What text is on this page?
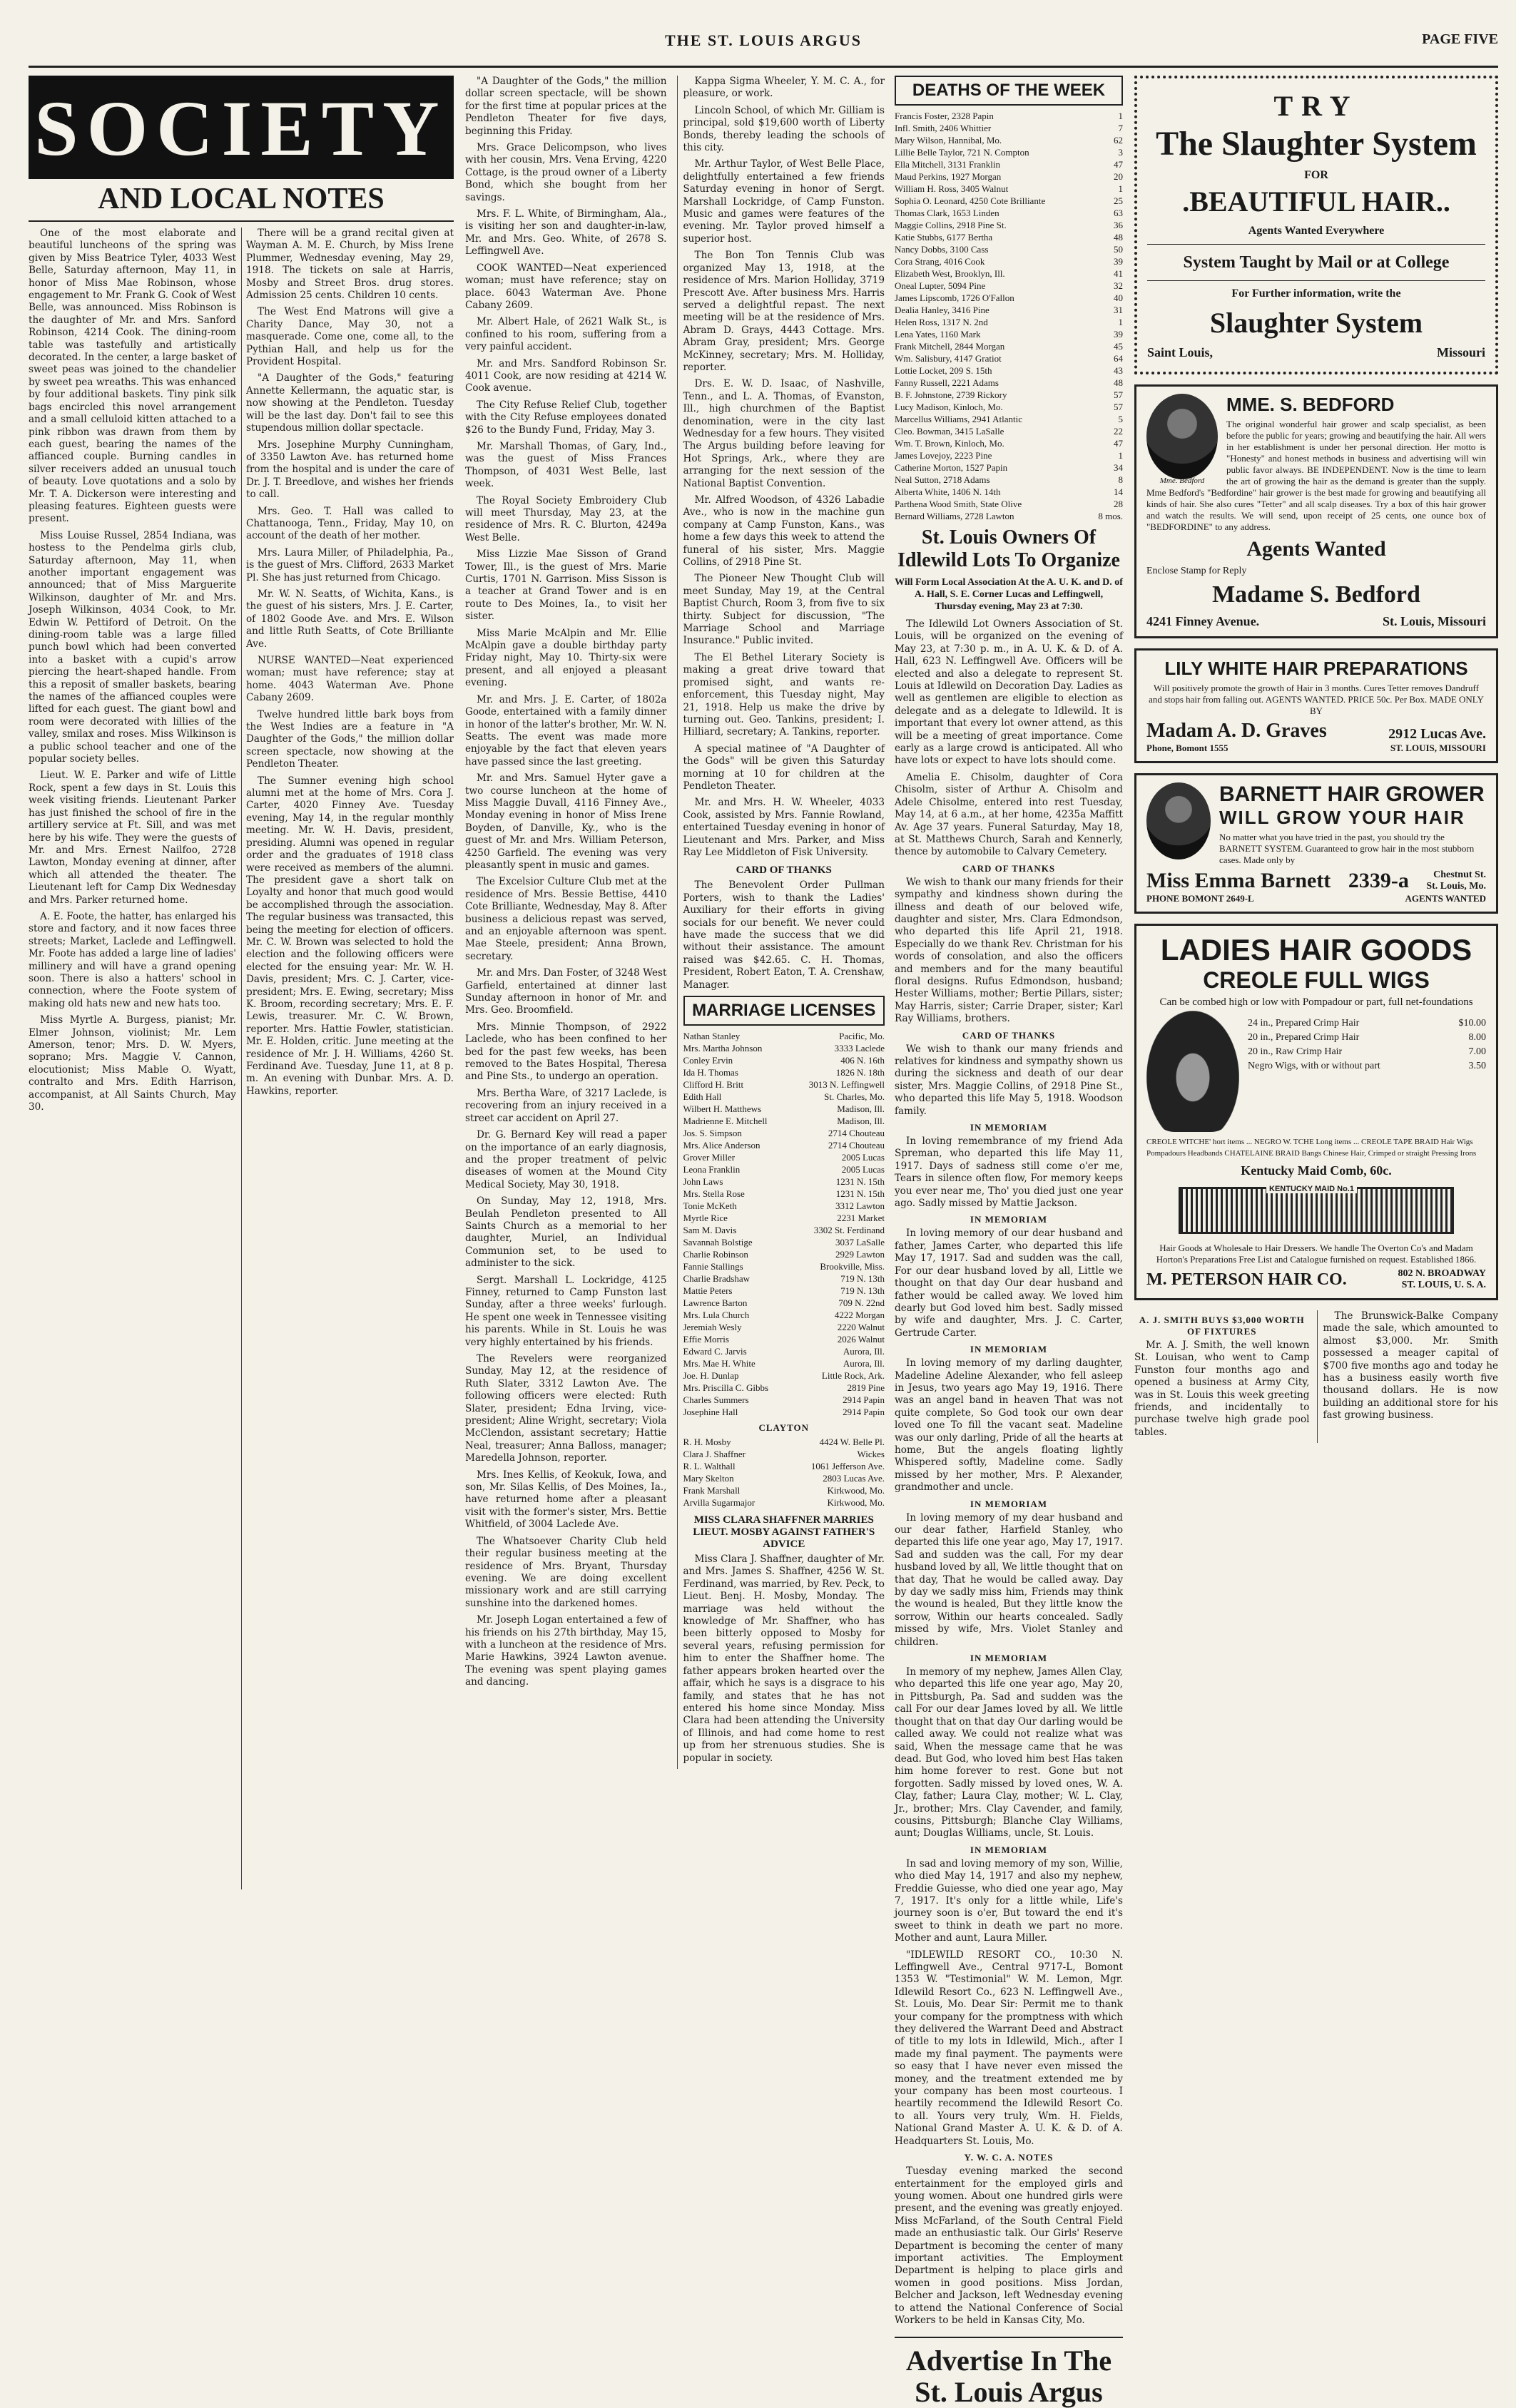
THE ST. LOUIS ARGUS	PAGE FIVE
SOCIETY
AND LOCAL NOTES

One of the most elaborate and beautiful luncheons of the spring was given by Miss Beatrice Tyler, 4033 West Belle, Saturday afternoon, May 11, in honor of Miss Mae Robinson, whose engagement to Mr. Frank G. Cook of West Belle, was announced. Miss Robinson is the daughter of Mr. and Mrs. Sanford Robinson, 4214 Cook. The dining-room table was tastefully and artistically decorated. In the center, a large basket of sweet peas was joined to the chandelier by sweet pea wreaths. This was enhanced by four additional baskets. Tiny pink silk bags encircled this novel arrangement and a small celluloid kitten attached to a pink ribbon was drawn from them by each guest, bearing the names of the affianced couple. Burning candles in silver receivers added an unusual touch of beauty. Love quotations and a solo by Mr. T. A. Dickerson were interesting and pleasing features. Eighteen guests were present.

Miss Louise Russel, 2854 Indiana, was hostess to the Pendelma girls club, Saturday afternoon, May 11, when another important engagement was announced; that of Miss Marguerite Wilkinson, daughter of Mr. and Mrs. Joseph Wilkinson, 4034 Cook, to Mr. Edwin W. Pettiford of Detroit. On the dining-room table was a large filled punch bowl which had been converted into a basket with a cupid's arrow piercing the heart-shaped handle. From this a reposit of smaller baskets, bearing the names of the affianced couples were lifted for each guest. The giant bowl and room were decorated with lillies of the valley, smilax and roses. Miss Wilkinson is a public school teacher and one of the popular society belles.

Lieut. W. E. Parker and wife of Little Rock, spent a few days in St. Louis this week visiting friends. Lieutenant Parker has just finished the school of fire in the artillery service at Ft. Sill, and was met here by his wife. They were the guests of Mr. and Mrs. Ernest Nailfoo, 2728 Lawton, Monday evening at dinner, after which all attended the theater. The Lieutenant left for Camp Dix Wednesday and Mrs. Parker returned home.

A. E. Foote, the hatter, has enlarged his store and factory, and it now faces three streets; Market, Laclede and Leffingwell. Mr. Foote has added a large line of ladies' millinery and will have a grand opening soon. There is also a hatters' school in connection, where the Foote system of making old hats new and new hats too.

Miss Myrtle A. Burgess, pianist; Mr. Elmer Johnson, violinist; Mr. Lem Amerson, tenor; Mrs. D. W. Myers, soprano; Mrs. Maggie V. Cannon, elocutionist; Miss Mable O. Wyatt, contralto and Mrs. Edith Harrison, accompanist, at All Saints Church, May 30.

There will be a grand recital given at Wayman A. M. E. Church, by Miss Irene Plummer, Wednesday evening, May 29, 1918. The tickets on sale at Harris, Mosby and Street Bros. drug stores. Admission 25 cents. Children 10 cents.

The West End Matrons will give a Charity Dance, May 30, not a masquerade. Come one, come all, to the Pythian Hall, and help us for the Provident Hospital.

"A Daughter of the Gods," featuring Annette Kellermann, the aquatic star, is now showing at the Pendleton. Tuesday will be the last day. Don't fail to see this stupendous million dollar spectacle.

Mrs. Josephine Murphy Cunningham, of 3350 Lawton Ave. has returned home from the hospital and is under the care of Dr. J. T. Breedlove, and wishes her friends to call.

Mrs. Geo. T. Hall was called to Chattanooga, Tenn., Friday, May 10, on account of the death of her mother.

Mrs. Laura Miller, of Philadelphia, Pa., is the guest of Mrs. Clifford, 2633 Market Pl. She has just returned from Chicago.

Mr. W. N. Seatts, of Wichita, Kans., is the guest of his sisters, Mrs. J. E. Carter, of 1802 Goode Ave. and Mrs. E. Wilson and little Ruth Seatts, of Cote Brilliante Ave.

NURSE WANTED—Neat experienced woman; must have reference; stay at home. 4043 Waterman Ave. Phone Cabany 2609.

Twelve hundred little bark boys from the West Indies are a feature in "A Daughter of the Gods," the million dollar screen spectacle, now showing at the Pendleton Theater.

The Sumner evening high school alumni met at the home of Mrs. Cora J. Carter, 4020 Finney Ave. Tuesday evening, May 14, in the regular monthly meeting. Mr. W. H. Davis, president, presiding. Alumni was opened in regular order and the graduates of 1918 class were received as members of the alumni. The president gave a short talk on Loyalty and honor that much good would be accomplished through the association. The regular business was transacted, this being the meeting for election of officers. Mr. C. W. Brown was selected to hold the election and the following officers were elected for the ensuing year: Mr. W. H. Davis, president; Mrs. C. J. Carter, vice-president; Mrs. E. Ewing, secretary; Miss K. Broom, recording secretary; Mrs. E. F. Lewis, treasurer. Mr. C. W. Brown, reporter. Mrs. Hattie Fowler, statistician. Mr. E. Holden, critic. June meeting at the residence of Mr. J. H. Williams, 4260 St. Ferdinand Ave. Tuesday, June 11, at 8 p. m. An evening with Dunbar. Mrs. A. D. Hawkins, reporter.

"A Daughter of the Gods," the million dollar screen spectacle, will be shown for the first time at popular prices at the Pendleton Theater for five days, beginning this Friday.

Mrs. Grace Delicompson, who lives with her cousin, Mrs. Vena Erving, 4220 Cottage, is the proud owner of a Liberty Bond, which she bought from her savings.

Mrs. F. L. White, of Birmingham, Ala., is visiting her son and daughter-in-law, Mr. and Mrs. Geo. White, of 2678 S. Leffingwell Ave.

COOK WANTED—Neat experienced woman; must have reference; stay on place. 6043 Waterman Ave. Phone Cabany 2609.

Mr. Albert Hale, of 2621 Walk St., is confined to his room, suffering from a very painful accident.

Mr. and Mrs. Sandford Robinson Sr. 4011 Cook, are now residing at 4214 W. Cook avenue.

The City Refuse Relief Club, together with the City Refuse employees donated $26 to the Bundy Fund, Friday, May 3.

Mr. Marshall Thomas, of Gary, Ind., was the guest of Miss Frances Thompson, of 4031 West Belle, last week.

The Royal Society Embroidery Club will meet Thursday, May 23, at the residence of Mrs. R. C. Blurton, 4249a West Belle.

Miss Lizzie Mae Sisson of Grand Tower, Ill., is the guest of Mrs. Marie Curtis, 1701 N. Garrison. Miss Sisson is a teacher at Grand Tower and is en route to Des Moines, Ia., to visit her sister.

Miss Marie McAlpin and Mr. Ellie McAlpin gave a double birthday party Friday night, May 10. Thirty-six were present, and all enjoyed a pleasant evening.

Mr. and Mrs. J. E. Carter, of 1802a Goode, entertained with a family dinner in honor of the latter's brother, Mr. W. N. Seatts. The event was made more enjoyable by the fact that eleven years have passed since the last greeting.

Mr. and Mrs. Samuel Hyter gave a two course luncheon at the home of Miss Maggie Duvall, 4116 Finney Ave., Monday evening in honor of Miss Irene Boyden, of Danville, Ky., who is the guest of Mr. and Mrs. William Peterson, 4250 Garfield. The evening was very pleasantly spent in music and games.

The Excelsior Culture Club met at the residence of Mrs. Bessie Bettise, 4410 Cote Brilliante, Wednesday, May 8. After business a delicious repast was served, and an enjoyable afternoon was spent. Mae Steele, president; Anna Brown, secretary.

Mr. and Mrs. Dan Foster, of 3248 West Garfield, entertained at dinner last Sunday afternoon in honor of Mr. and Mrs. Geo. Broomfield.

Mrs. Minnie Thompson, of 2922 Laclede, who has been confined to her bed for the past few weeks, has been removed to the Bates Hospital, Theresa and Pine Sts., to undergo an operation.

Mrs. Bertha Ware, of 3217 Laclede, is recovering from an injury received in a street car accident on April 27.

Dr. G. Bernard Key will read a paper on the importance of an early diagnosis, and the proper treatment of pelvic diseases of women at the Mound City Medical Society, May 30, 1918.

On Sunday, May 12, 1918, Mrs. Beulah Pendleton presented to All Saints Church as a memorial to her daughter, Muriel, an Individual Communion set, to be used to administer to the sick.

Sergt. Marshall L. Lockridge, 4125 Finney, returned to Camp Funston last Sunday, after a three weeks' furlough. He spent one week in Tennessee visiting his parents. While in St. Louis he was very highly entertained by his friends.

The Revelers were reorganized Sunday, May 12, at the residence of Ruth Slater, 3312 Lawton Ave. The following officers were elected: Ruth Slater, president; Edna Irving, vice-president; Aline Wright, secretary; Viola McClendon, assistant secretary; Hattie Neal, treasurer; Anna Balloss, manager; Maredella Johnson, reporter.

Mrs. Ines Kellis, of Keokuk, Iowa, and son, Mr. Silas Kellis, of Des Moines, Ia., have returned home after a pleasant visit with the former's sister, Mrs. Bettie Whitfield, of 3004 Laclede Ave.

The Whatsoever Charity Club held their regular business meeting at the residence of Mrs. Bryant, Thursday evening. We are doing excellent missionary work and are still carrying sunshine into the darkened homes.

Mr. Joseph Logan entertained a few of his friends on his 27th birthday, May 15, with a luncheon at the residence of Mrs. Marie Hawkins, 3924 Lawton avenue. The evening was spent playing games and dancing.

Kappa Sigma Wheeler, Y. M. C. A., for pleasure, or work.

Lincoln School, of which Mr. Gilliam is principal, sold $19,600 worth of Liberty Bonds, thereby leading the schools of this city.

Mr. Arthur Taylor, of West Belle Place, delightfully entertained a few friends Saturday evening in honor of Sergt. Marshall Lockridge, of Camp Funston. Music and games were features of the evening. Mr. Taylor proved himself a superior host.

The Bon Ton Tennis Club was organized May 13, 1918, at the residence of Mrs. Marion Holliday, 3719 Prescott Ave. After business Mrs. Harris served a delightful repast. The next meeting will be at the residence of Mrs. Abram D. Grays, 4443 Cottage. Mrs. Abram Gray, president; Mrs. George McKinney, secretary; Mrs. M. Holliday, reporter.

Drs. E. W. D. Isaac, of Nashville, Tenn., and L. A. Thomas, of Evanston, Ill., high churchmen of the Baptist denomination, were in the city last Wednesday for a few hours. They visited The Argus building before leaving for Hot Springs, Ark., where they are arranging for the next session of the National Baptist Convention.

Mr. Alfred Woodson, of 4326 Labadie Ave., who is now in the machine gun company at Camp Funston, Kans., was home a few days this week to attend the funeral of his sister, Mrs. Maggie Collins, of 2918 Pine St.

The Pioneer New Thought Club will meet Sunday, May 19, at the Central Baptist Church, Room 3, from five to six thirty. Subject for discussion, "The Marriage School and Marriage Insurance." Public invited.

The El Bethel Literary Society is making a great drive toward that promised sight, and wants re-enforcement, this Tuesday night, May 21, 1918. Help us make the drive by turning out. Geo. Tankins, president; I. Hilliard, secretary; A. Tankins, reporter.

A special matinee of "A Daughter of the Gods" will be given this Saturday morning at 10 for children at the Pendleton Theater.

Mr. and Mrs. H. W. Wheeler, 4033 Cook, assisted by Mrs. Fannie Rowland, entertained Tuesday evening in honor of Lieutenant and Mrs. Parker, and Miss Ray Lee Middleton of Fisk University.

CARD OF THANKS

The Benevolent Order Pullman Porters, wish to thank the Ladies' Auxiliary for their efforts in giving socials for our benefit. We never could have made the success that we did without their assistance. The amount raised was $42.65. C. H. Thomas, President, Robert Eaton, T. A. Crenshaw, Manager.

MARRIAGE LICENSES
Nathan Stanley	Pacific, Mo.
Mrs. Martha Johnson	3333 Laclede
Conley Ervin	406 N. 16th
Ida H. Thomas	1826 N. 18th
Clifford H. Britt	3013 N. Leffingwell
Edith Hall	St. Charles, Mo.
Wilbert H. Matthews	Madison, Ill.
Madrienne E. Mitchell	Madison, Ill.
Jos. S. Simpson	2714 Chouteau
Mrs. Alice Anderson	2714 Chouteau
Grover Miller	2005 Lucas
Leona Franklin	2005 Lucas
John Laws	1231 N. 15th
Mrs. Stella Rose	1231 N. 15th
Tonie McKeth	3312 Lawton
Myrtle Rice	2231 Market
Sam M. Davis	3302 St. Ferdinand
Savannah Bolstige	3037 LaSalle
Charlie Robinson	2929 Lawton
Fannie Stallings	Brookville, Miss.
Charlie Bradshaw	719 N. 13th
Mattie Peters	719 N. 13th
Lawrence Barton	709 N. 22nd
Mrs. Lula Church	4222 Morgan
Jeremiah Wesly	2220 Walnut
Effie Morris	2026 Walnut
Edward C. Jarvis	Aurora, Ill.
Mrs. Mae H. White	Aurora, Ill.
Joe. H. Dunlap	Little Rock, Ark.
Mrs. Priscilla C. Gibbs	2819 Pine
Charles Summers	2914 Papin
Josephine Hall	2914 Papin
CLAYTON
R. H. Mosby	4424 W. Belle Pl.
Clara J. Shaffner	Wickes
R. L. Walthall	1061 Jefferson Ave.
Mary Skelton	2803 Lucas Ave.
Frank Marshall	Kirkwood, Mo.
Arvilla Sugarmajor	Kirkwood, Mo.
MISS CLARA SHAFFNER MARRIES LIEUT. MOSBY AGAINST FATHER'S ADVICE

Miss Clara J. Shaffner, daughter of Mr. and Mrs. James S. Shaffner, 4256 W. St. Ferdinand, was married, by Rev. Peck, to Lieut. Benj. H. Mosby, Monday. The marriage was held without the knowledge of Mr. Shaffner, who has been bitterly opposed to Mosby for several years, refusing permission for him to enter the Shaffner home. The father appears broken hearted over the affair, which he says is a disgrace to his family, and states that he has not entered his home since Monday. Miss Clara had been attending the University of Illinois, and had come home to rest up from her strenuous studies. She is popular in society.

DEATHS OF THE WEEK
Francis Foster, 2328 Papin	1
Infl. Smith, 2406 Whittier	7
Mary Wilson, Hannibal, Mo.	62
Lillie Belle Taylor, 721 N. Compton	3
Ella Mitchell, 3131 Franklin	47
Maud Perkins, 1927 Morgan	20
William H. Ross, 3405 Walnut	1
Sophia O. Leonard, 4250 Cote Brilliante	25
Thomas Clark, 1653 Linden	63
Maggie Collins, 2918 Pine St.	36
Katie Stubbs, 6177 Bertha	48
Nancy Dobbs, 3100 Cass	50
Cora Strang, 4016 Cook	39
Elizabeth West, Brooklyn, Ill.	41
Oneal Lupter, 5094 Pine	32
James Lipscomb, 1726 O'Fallon	40
Dealia Hanley, 3416 Pine	31
Helen Ross, 1317 N. 2nd	1
Lena Yates, 1160 Mark	39
Frank Mitchell, 2844 Morgan	45
Wm. Salisbury, 4147 Gratiot	64
Lottie Locket, 209 S. 15th	43
Fanny Russell, 2221 Adams	48
B. F. Johnstone, 2739 Rickory	57
Lucy Madison, Kinloch, Mo.	57
Marcellus Williams, 2941 Atlantic	5
Cleo. Bowman, 3415 LaSalle	22
Wm. T. Brown, Kinloch, Mo.	47
James Lovejoy, 2223 Pine	1
Catherine Morton, 1527 Papin	34
Neal Sutton, 2718 Adams	8
Alberta White, 1406 N. 14th	14
Parthena Wood Smith, State Olive	28
Bernard Williams, 2728 Lawton	8 mos.
St. Louis Owners Of Idlewild Lots To Organize
Will Form Local Association At the A. U. K. and D. of A. Hall, S. E. Corner Lucas and Leffingwell, Thursday evening, May 23 at 7:30.

The Idlewild Lot Owners Association of St. Louis, will be organized on the evening of May 23, at 7:30 p. m., in A. U. K. & D. of A. Hall, 623 N. Leffingwell Ave. Officers will be elected and also a delegate to represent St. Louis at Idlewild on Decoration Day. Ladies as well as gentlemen are eligible to election as delegate and as a delegate to Idlewild. It is important that every lot owner attend, as this will be a meeting of great importance. Come early as a large crowd is anticipated. All who have lots or expect to have lots should come.

Amelia E. Chisolm, daughter of Cora Chisolm, sister of Arthur A. Chisolm and Adele Chisolme, entered into rest Tuesday, May 14, at 6 a.m., at her home, 4235a Maffitt Av. Age 37 years. Funeral Saturday, May 18, at St. Matthews Church, Sarah and Kennerly, thence by automobile to Calvary Cemetery.

CARD OF THANKS

We wish to thank our many friends for their sympathy and kindness shown during the illness and death of our beloved wife, daughter and sister, Mrs. Clara Edmondson, who departed this life April 21, 1918. Especially do we thank Rev. Christman for his words of consolation, and also the officers and members and for the many beautiful floral designs. Rufus Edmondson, husband; Hester Williams, mother; Bertie Pillars, sister; May Harris, sister; Carrie Draper, sister; Karl Ray Williams, brothers.

CARD OF THANKS

We wish to thank our many friends and relatives for kindness and sympathy shown us during the sickness and death of our dear sister, Mrs. Maggie Collins, of 2918 Pine St., who departed this life May 5, 1918. Woodson family.

IN MEMORIAM

In loving remembrance of my friend Ada Spreman, who departed this life May 11, 1917. Days of sadness still come o'er me, Tears in silence often flow, For memory keeps you ever near me, Tho' you died just one year ago. Sadly missed by Mattie Jackson.

IN MEMORIAM

In loving memory of our dear husband and father, James Carter, who departed this life May 17, 1917. Sad and sudden was the call, For our dear husband loved by all, Little we thought on that day Our dear husband and father would be called away. We loved him dearly but God loved him best. Sadly missed by wife and daughter, Mrs. J. C. Carter, Gertrude Carter.

IN MEMORIAM

In loving memory of my darling daughter, Madeline Adeline Alexander, who fell asleep in Jesus, two years ago May 19, 1916. There was an angel band in heaven That was not quite complete, So God took our own dear loved one To fill the vacant seat. Madeline was our only darling, Pride of all the hearts at home, But the angels floating lightly Whispered softly, Madeline come. Sadly missed by her mother, Mrs. P. Alexander, grandmother and uncle.

IN MEMORIAM

In loving memory of my dear husband and our dear father, Harfield Stanley, who departed this life one year ago, May 17, 1917. Sad and sudden was the call, For my dear husband loved by all, We little thought that on that day, That he would be called away. Day by day we sadly miss him, Friends may think the wound is healed, But they little know the sorrow, Within our hearts concealed. Sadly missed by wife, Mrs. Violet Stanley and children.

IN MEMORIAM

In memory of my nephew, James Allen Clay, who departed this life one year ago, May 20, in Pittsburgh, Pa. Sad and sudden was the call For our dear James loved by all. We little thought that on that day Our darling would be called away. We could not realize what was said, When the message came that he was dead. But God, who loved him best Has taken him home forever to rest. Gone but not forgotten. Sadly missed by loved ones, W. A. Clay, father; Laura Clay, mother; W. L. Clay, Jr., brother; Mrs. Clay Cavender, and family, cousins, Pittsburgh; Blanche Clay Williams, aunt; Douglas Williams, uncle, St. Louis.

IN MEMORIAM

In sad and loving memory of my son, Willie, who died May 14, 1917 and also my nephew, Freddie Guiesse, who died one year ago, May 7, 1917. It's only for a little while, Life's journey soon is o'er, But toward the end it's sweet to think in death we part no more. Mother and aunt, Laura Miller.

"IDLEWILD RESORT CO., 10:30 N. Leffingwell Ave., Central 9717-L, Bomont 1353 W. "Testimonial" W. M. Lemon, Mgr. Idlewild Resort Co., 623 N. Leffingwell Ave., St. Louis, Mo. Dear Sir: Permit me to thank your company for the promptness with which they delivered the Warrant Deed and Abstract of title to my lots in Idlewild, Mich., after I made my final payment. The payments were so easy that I have never even missed the money, and the treatment extended me by your company has been most courteous. I heartily recommend the Idlewild Resort Co. to all. Yours very truly, Wm. H. Fields, National Grand Master A. U. K. & D. of A. Headquarters St. Louis, Mo.

Y. W. C. A. NOTES

Tuesday evening marked the second entertainment for the employed girls and young women. About one hundred girls were present, and the evening was greatly enjoyed. Miss McFarland, of the South Central Field made an enthusiastic talk. Our Girls' Reserve Department is becoming the center of many important activities. The Employment Department is helping to place girls and women in good positions. Miss Jordan, Belcher and Jackson, left Wednesday evening to attend the National Conference of Social Workers to be held in Kansas City, Mo.

Advertise In The St. Louis Argus
TRY
The Slaughter System
FOR
.BEAUTIFUL HAIR..
Agents Wanted Everywhere
System Taught by Mail or at College
For Further information, write the
Slaughter System
Saint Louis,	Missouri
Mme. Bedford
MME. S. BEDFORD

The original wonderful hair grower and scalp specialist, as been before the public for years; growing and beautifying the hair. All wers in her establishment is under her personal direction. Her motto is "Honesty" and honest methods in business and advertising will win public favor always. BE INDEPENDENT. Now is the time to learn the art of growing the hair as the demand is greater than the supply. Mme Bedford's "Bedfordine" hair grower is the best made for growing and beautifying all kinds of hair. She also cures "Tetter" and all scalp diseases. Try a box of this hair grower and watch the results. We will send, upon receipt of 25 cents, one ounce box of "BEDFORDINE" to any address.

Agents Wanted
Enclose Stamp for Reply
Madame S. Bedford
4241 Finney Avenue.	St. Louis, Missouri
LILY WHITE HAIR PREPARATIONS

Will positively promote the growth of Hair in 3 months. Cures Tetter removes Dandruff and stops hair from falling out. AGENTS WANTED. PRICE 50c. Per Box. MADE ONLY BY

Madam A. D. Graves
Phone, Bomont 1555
2912 Lucas Ave.
ST. LOUIS, MISSOURI
BARNETT HAIR GROWER
WILL GROW YOUR HAIR

No matter what you have tried in the past, you should try the BARNETT SYSTEM. Guaranteed to grow hair in the most stubborn cases. Made only by

Miss Emma Barnett 2339-a	Chestnut St.
St. Louis, Mo.
PHONE BOMONT 2649-L	AGENTS WANTED
LADIES HAIR GOODS
CREOLE FULL WIGS
Can be combed high or low with Pompadour or part, full net-foundations
24 in., Prepared Crimp Hair	$10.00
20 in., Prepared Crimp Hair	8.00
20 in., Raw Crimp Hair	7.00
Negro Wigs, with or without part	3.50

CREOLE WITCHE' hort items ... NEGRO W. TCHE Long items ... CREOLE TAPE BRAID Hair Wigs Pompadours Headbands CHATELAINE BRAID Bangs Chinese Hair, Crimped or straight Pressing Irons

Kentucky Maid Comb, 60c.
KENTUCKY MAID No.1

Hair Goods at Wholesale to Hair Dressers. We handle The Overton Co's and Madam Horton's Preparations Free List and Catalogue furnished on request. Established 1866.

M. PETERSON HAIR CO.	802 N. BROADWAY
ST. LOUIS, U. S. A.
A. J. SMITH BUYS $3,000 WORTH OF FIXTURES

Mr. A. J. Smith, the well known St. Louisan, who went to Camp Funston four months ago and opened a business at Army City, was in St. Louis this week greeting friends, and incidentally to purchase twelve high grade pool tables.

The Brunswick-Balke Company made the sale, which amounted to almost $3,000. Mr. Smith possessed a meager capital of $700 five months ago and today he has a business easily worth five thousand dollars. He is now building an additional store for his fast growing business.
